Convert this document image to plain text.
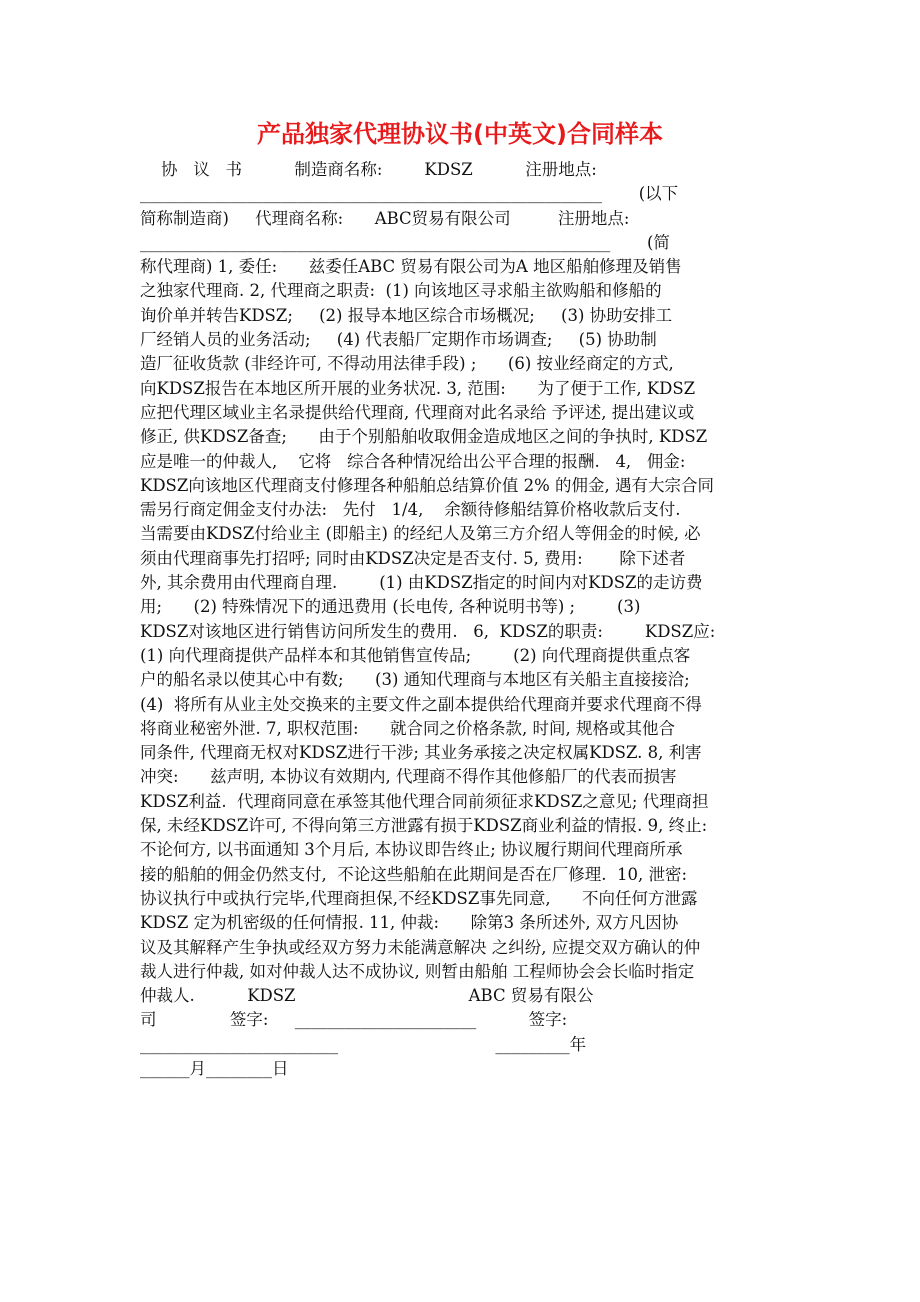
产品独家代理协议书(中英文)合同样本
协   议   书          制造商名称:        KDSZ          注册地点:
________________________________________________________       (以下
简称制造商)     代理商名称:      ABC贸易有限公司         注册地点:
_________________________________________________________       (简
称代理商) 1, 委任:      兹委任ABC 贸易有限公司为A 地区船舶修理及销售
之独家代理商. 2, 代理商之职责:  (1) 向该地区寻求船主欲购船和修船的
询价单并转告KDSZ;     (2) 报导本地区综合市场概况;     (3) 协助安排工
厂经销人员的业务活动;     (4) 代表船厂定期作市场调查;     (5) 协助制
造厂征收货款 (非经许可, 不得动用法律手段) ;      (6) 按业经商定的方式,
向KDSZ报告在本地区所开展的业务状况. 3, 范围:      为了便于工作, KDSZ
应把代理区域业主名录提供给代理商, 代理商对此名录给 予评述, 提出建议或
修正, 供KDSZ备查;      由于个别船舶收取佣金造成地区之间的争执时, KDSZ
应是唯一的仲裁人,    它将   综合各种情况给出公平合理的报酬.   4,   佣金:
KDSZ向该地区代理商支付修理各种船舶总结算价值 2% 的佣金, 遇有大宗合同
需另行商定佣金支付办法:   先付   1/4,    余额待修船结算价格收款后支付.
当需要由KDSZ付给业主 (即船主) 的经纪人及第三方介绍人等佣金的时候, 必
须由代理商事先打招呼; 同时由KDSZ决定是否支付. 5, 费用:       除下述者
外, 其余费用由代理商自理.        (1) 由KDSZ指定的时间内对KDSZ的走访费
用;      (2) 特殊情况下的通迅费用 (长电传, 各种说明书等) ;        (3)
KDSZ对该地区进行销售访问所发生的费用.   6,  KDSZ的职责:        KDSZ应:
(1) 向代理商提供产品样本和其他销售宣传品;        (2) 向代理商提供重点客
户的船名录以使其心中有数;      (3) 通知代理商与本地区有关船主直接接洽;
(4)  将所有从业主处交换来的主要文件之副本提供给代理商并要求代理商不得
将商业秘密外泄. 7, 职权范围:      就合同之价格条款, 时间, 规格或其他合
同条件, 代理商无权对KDSZ进行干涉; 其业务承接之决定权属KDSZ. 8, 利害
冲突:      兹声明, 本协议有效期内, 代理商不得作其他修船厂的代表而损害
KDSZ利益.  代理商同意在承签其他代理合同前须征求KDSZ之意见; 代理商担
保, 未经KDSZ许可, 不得向第三方泄露有损于KDSZ商业利益的情报. 9, 终止:
不论何方, 以书面通知 3个月后, 本协议即告终止; 协议履行期间代理商所承
接的船舶的佣金仍然支付,  不论这些船舶在此期间是否在厂修理.  10, 泄密:
协议执行中或执行完毕,代理商担保,不经KDSZ事先同意,      不向任何方泄露
KDSZ 定为机密级的任何情报. 11, 仲裁:      除第3 条所述外, 双方凡因协
议及其解释产生争执或经双方努力未能满意解决 之纠纷, 应提交双方确认的仲
裁人进行仲裁, 如对仲裁人达不成协议, 则暂由船舶 工程师协会会长临时指定
仲裁人.          KDSZ                                 ABC 贸易有限公
司              签字:     ______________________          签字:
________________________                              _________年
______月________日
